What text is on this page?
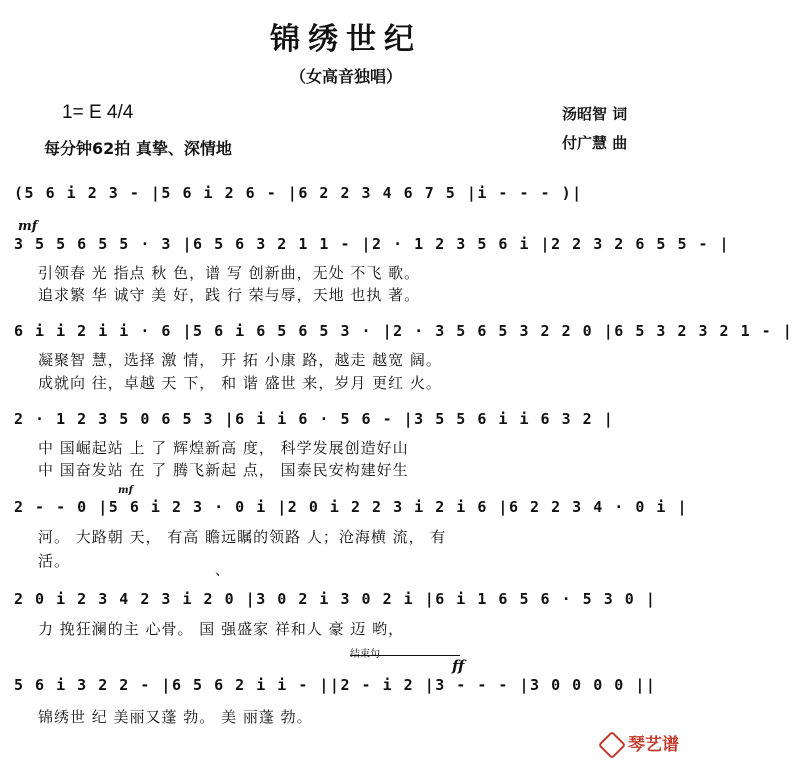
锦绣世纪
（女高音独唱）
1= E 4/4
每分钟62拍 真挚、深情地
汤昭智 词
付广慧 曲
(5 6 i 2 3 - |5 6 i 2 6 - |6 2 2 3 4 6 7 5 |i - - - )|
mf
3 5 5 6 5 5 · 3 |6 5 6 3 2 1 1 - |2 · 1 2 3 5 6 i |2 2 3 2 6 5 5 - |
引领春 光 指点 秋 色，谱 写 创新曲，无处 不飞 歌。
追求繁 华 诚守 美 好，践 行 荣与辱，天地 也执 著。
6 i i 2 i i · 6 |5 6 i 6 5 6 5 3 · |2 · 3 5 6 5 3 2 2 0 |6 5 3 2 3 2 1 - |
凝聚智 慧，选择 激 情， 开 拓 小康 路，越走 越宽 阔。
成就向 往，卓越 天 下， 和 谐 盛世 来，岁月 更红 火。
2 · 1 2 3 5 0 6 5 3 |6 i i 6 · 5 6 - |3 5 5 6 i i 6 3 2 |
中 国崛起站 上 了 辉煌新高 度， 科学发展创造好山
中 国奋发站 在 了 腾飞新起 点， 国泰民安构建好生
mf
2 - - 0 |5 6 i 2 3 · 0 i |2 0 i 2 2 3 i 2 i 6 |6 2 2 3 4 · 0 i |
河。 大路朝 天， 有高 瞻远瞩的领路 人；沧海横 流， 有
活。
、
2 0 i 2 3 4 2 3 i 2 0 |3 0 2 i 3 0 2 i |6 i 1 6 5 6 · 5 3 0 |
力 挽狂澜的主 心骨。 国 强盛家 祥和人 豪 迈 哟，
ff
5 6 i 3 2 2 - |6 5 6 2 i i - ||2 - i 2 |3 - - - |3 0 0 0 0 ||
锦绣世 纪 美丽又蓬 勃。 美 丽蓬 勃。
琴艺谱
